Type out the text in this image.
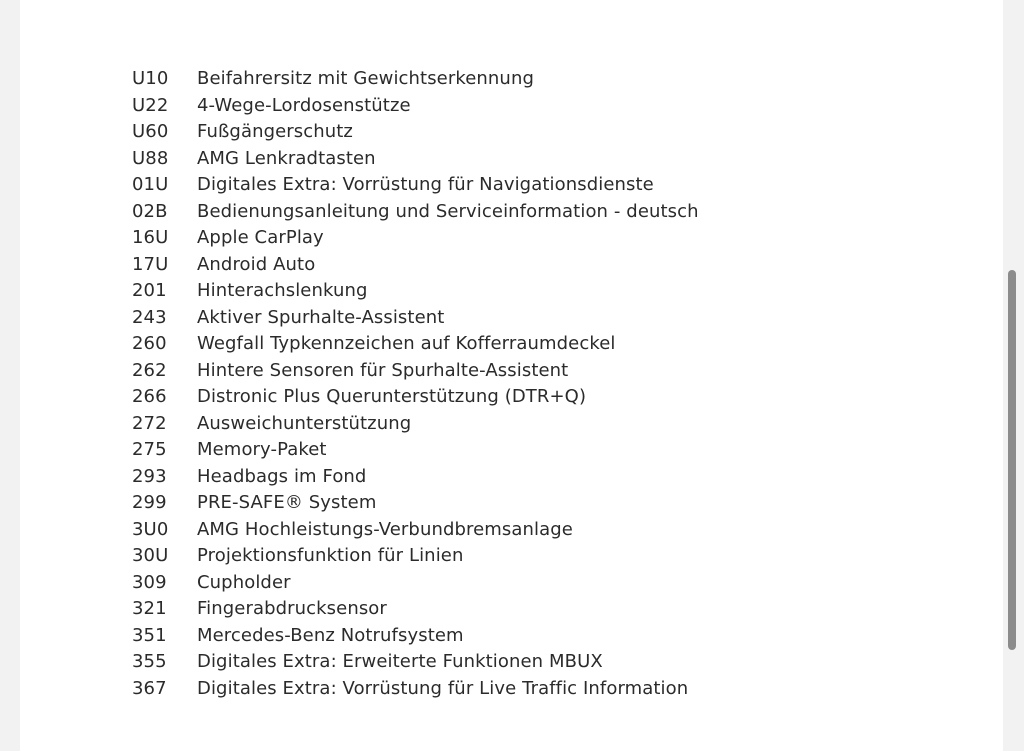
U10	Beifahrersitz mit Gewichtserkennung
U22	4-Wege-Lordosenstütze
U60	Fußgängerschutz
U88	AMG Lenkradtasten
01U	Digitales Extra: Vorrüstung für Navigationsdienste
02B	Bedienungsanleitung und Serviceinformation - deutsch
16U	Apple CarPlay
17U	Android Auto
201	Hinterachslenkung
243	Aktiver Spurhalte-Assistent
260	Wegfall Typkennzeichen auf Kofferraumdeckel
262	Hintere Sensoren für Spurhalte-Assistent
266	Distronic Plus Querunterstützung (DTR+Q)
272	Ausweichunterstützung
275	Memory-Paket
293	Headbags im Fond
299	PRE-SAFE® System
3U0	AMG Hochleistungs-Verbundbremsanlage
30U	Projektionsfunktion für Linien
309	Cupholder
321	Fingerabdrucksensor
351	Mercedes-Benz Notrufsystem
355	Digitales Extra: Erweiterte Funktionen MBUX
367	Digitales Extra: Vorrüstung für Live Traffic Information
